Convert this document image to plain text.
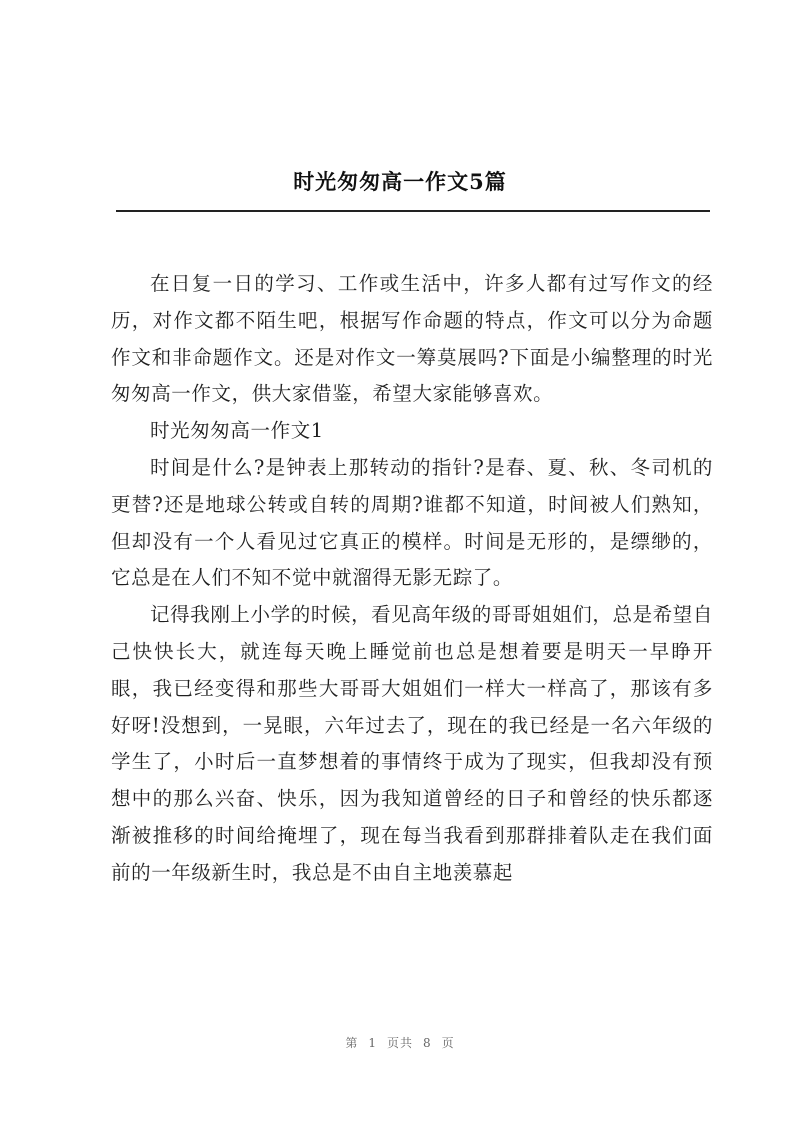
时光匆匆高一作文5篇

在日复一日的学习、工作或生活中，许多人都有过写作文的经历，对作文都不陌生吧，根据写作命题的特点，作文可以分为命题作文和非命题作文。还是对作文一筹莫展吗?下面是小编整理的时光匆匆高一作文，供大家借鉴，希望大家能够喜欢。

时光匆匆高一作文1

时间是什么?是钟表上那转动的指针?是春、夏、秋、冬司机的更替?还是地球公转或自转的周期?谁都不知道，时间被人们熟知，但却没有一个人看见过它真正的模样。时间是无形的，是缥缈的，它总是在人们不知不觉中就溜得无影无踪了。

记得我刚上小学的时候，看见高年级的哥哥姐姐们，总是希望自己快快长大，就连每天晚上睡觉前也总是想着要是明天一早睁开眼，我已经变得和那些大哥哥大姐姐们一样大一样高了，那该有多好呀!没想到，一晃眼，六年过去了，现在的我已经是一名六年级的学生了，小时后一直梦想着的事情终于成为了现实，但我却没有预想中的那么兴奋、快乐，因为我知道曾经的日子和曾经的快乐都逐渐被推移的时间给掩埋了，现在每当我看到那群排着队走在我们面前的一年级新生时，我总是不由自主地羡慕起

第 1 页共 8 页
